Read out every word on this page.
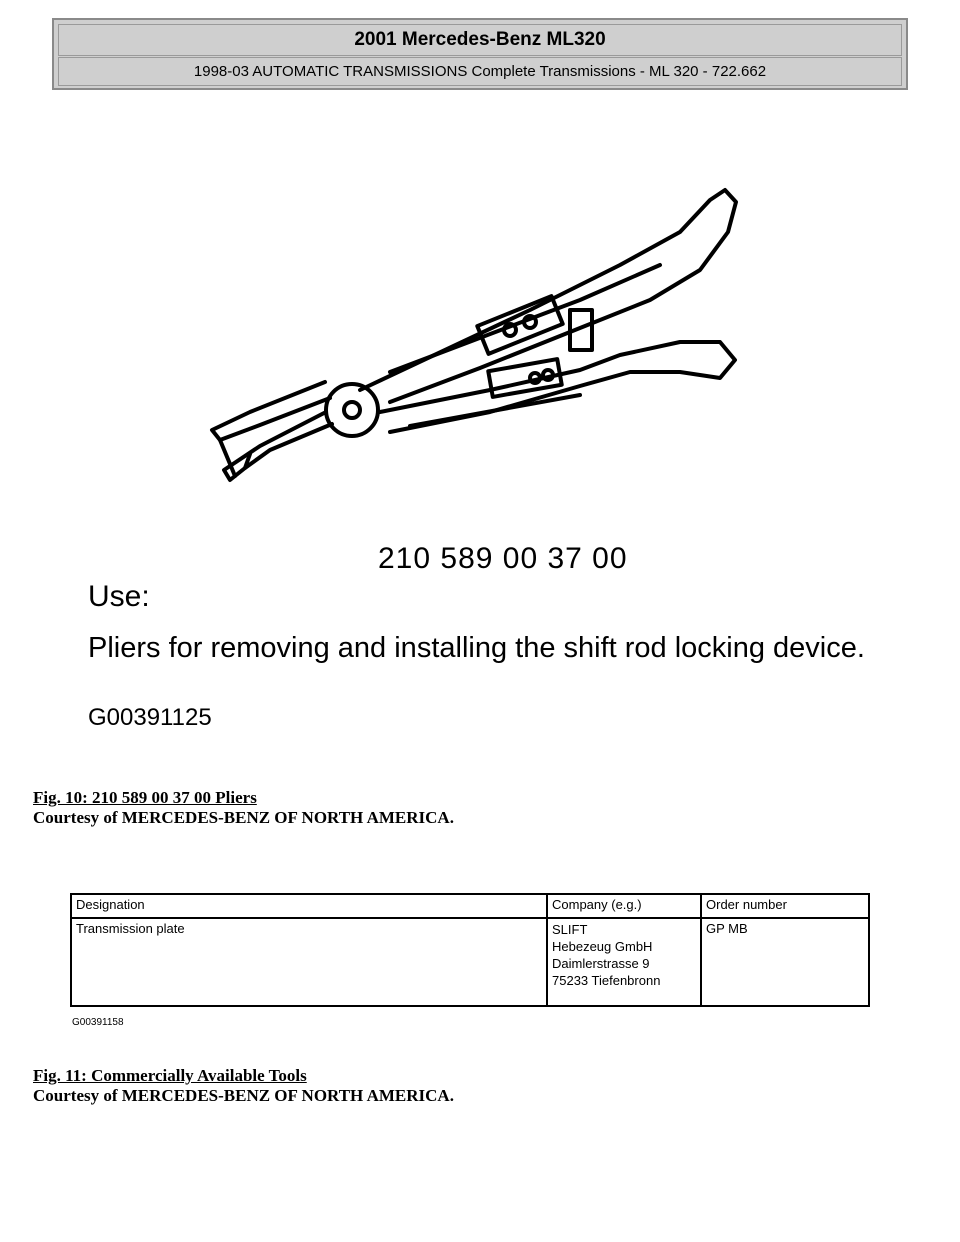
2001 Mercedes-Benz ML320
1998-03 AUTOMATIC TRANSMISSIONS Complete Transmissions - ML 320 - 722.662
210 589 00 37 00
Use:
Pliers for removing and installing the shift rod locking device.
G00391125
Fig. 10: 210 589 00 37 00 Pliers
Courtesy of MERCEDES-BENZ OF NORTH AMERICA.
Designation	Company (e.g.)	Order number
Transmission plate	SLIFT
Hebezeug GmbH
Daimlerstrasse 9
75233 Tiefenbronn	GP MB
G00391158
Fig. 11: Commercially Available Tools
Courtesy of MERCEDES-BENZ OF NORTH AMERICA.
